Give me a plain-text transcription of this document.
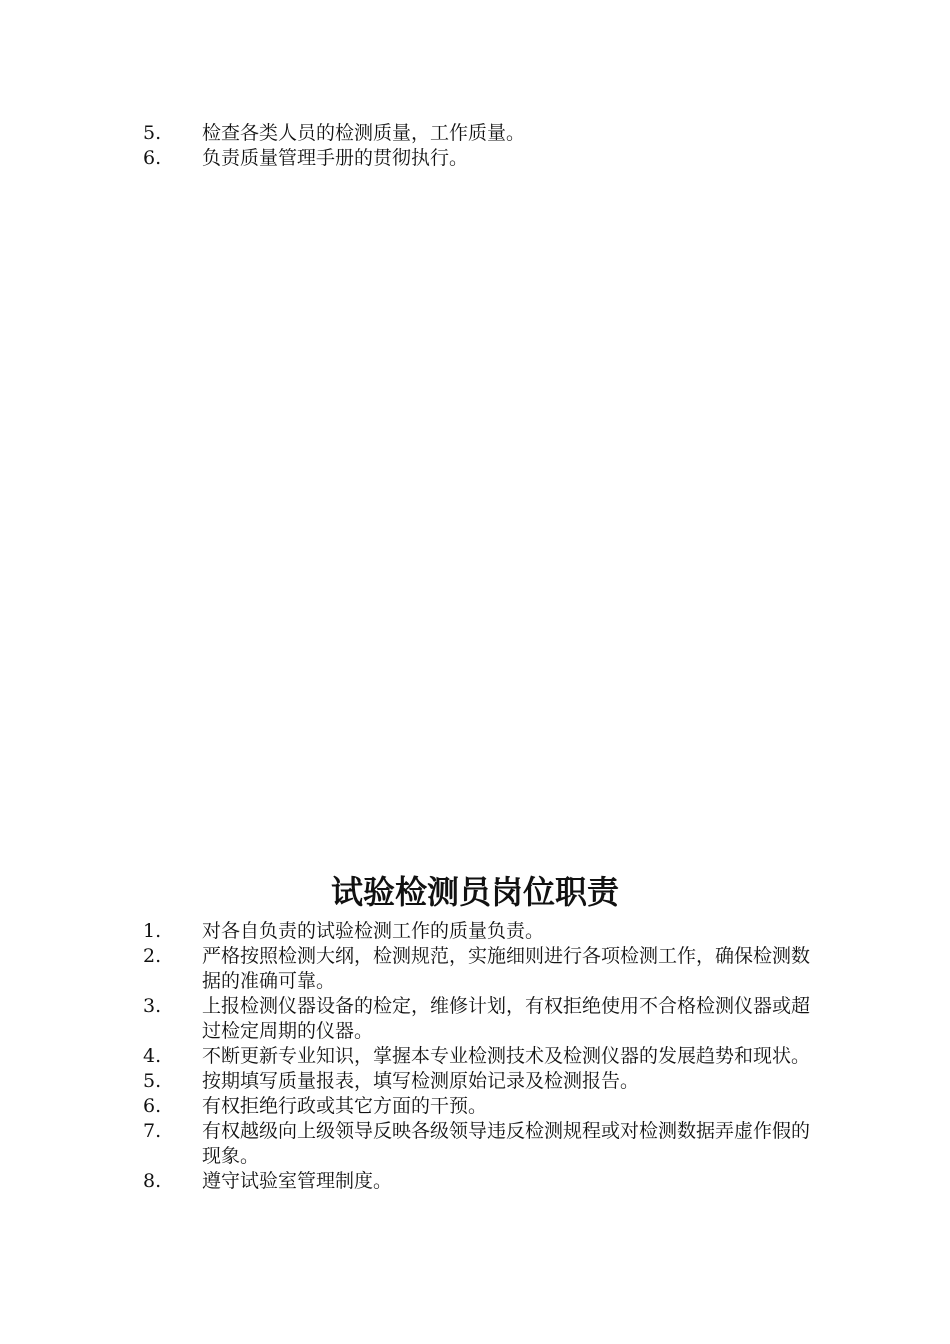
5.	检查各类人员的检测质量，工作质量。
6.	负责质量管理手册的贯彻执行。
试验检测员岗位职责
1.	对各自负责的试验检测工作的质量负责。
2.	严格按照检测大纲，检测规范，实施细则进行各项检测工作，确保检测数据的准确可靠。
3.	上报检测仪器设备的检定，维修计划，有权拒绝使用不合格检测仪器或超过检定周期的仪器。
4.	不断更新专业知识，掌握本专业检测技术及检测仪器的发展趋势和现状。
5.	按期填写质量报表，填写检测原始记录及检测报告。
6.	有权拒绝行政或其它方面的干预。
7.	有权越级向上级领导反映各级领导违反检测规程或对检测数据弄虚作假的现象。
8.	遵守试验室管理制度。
